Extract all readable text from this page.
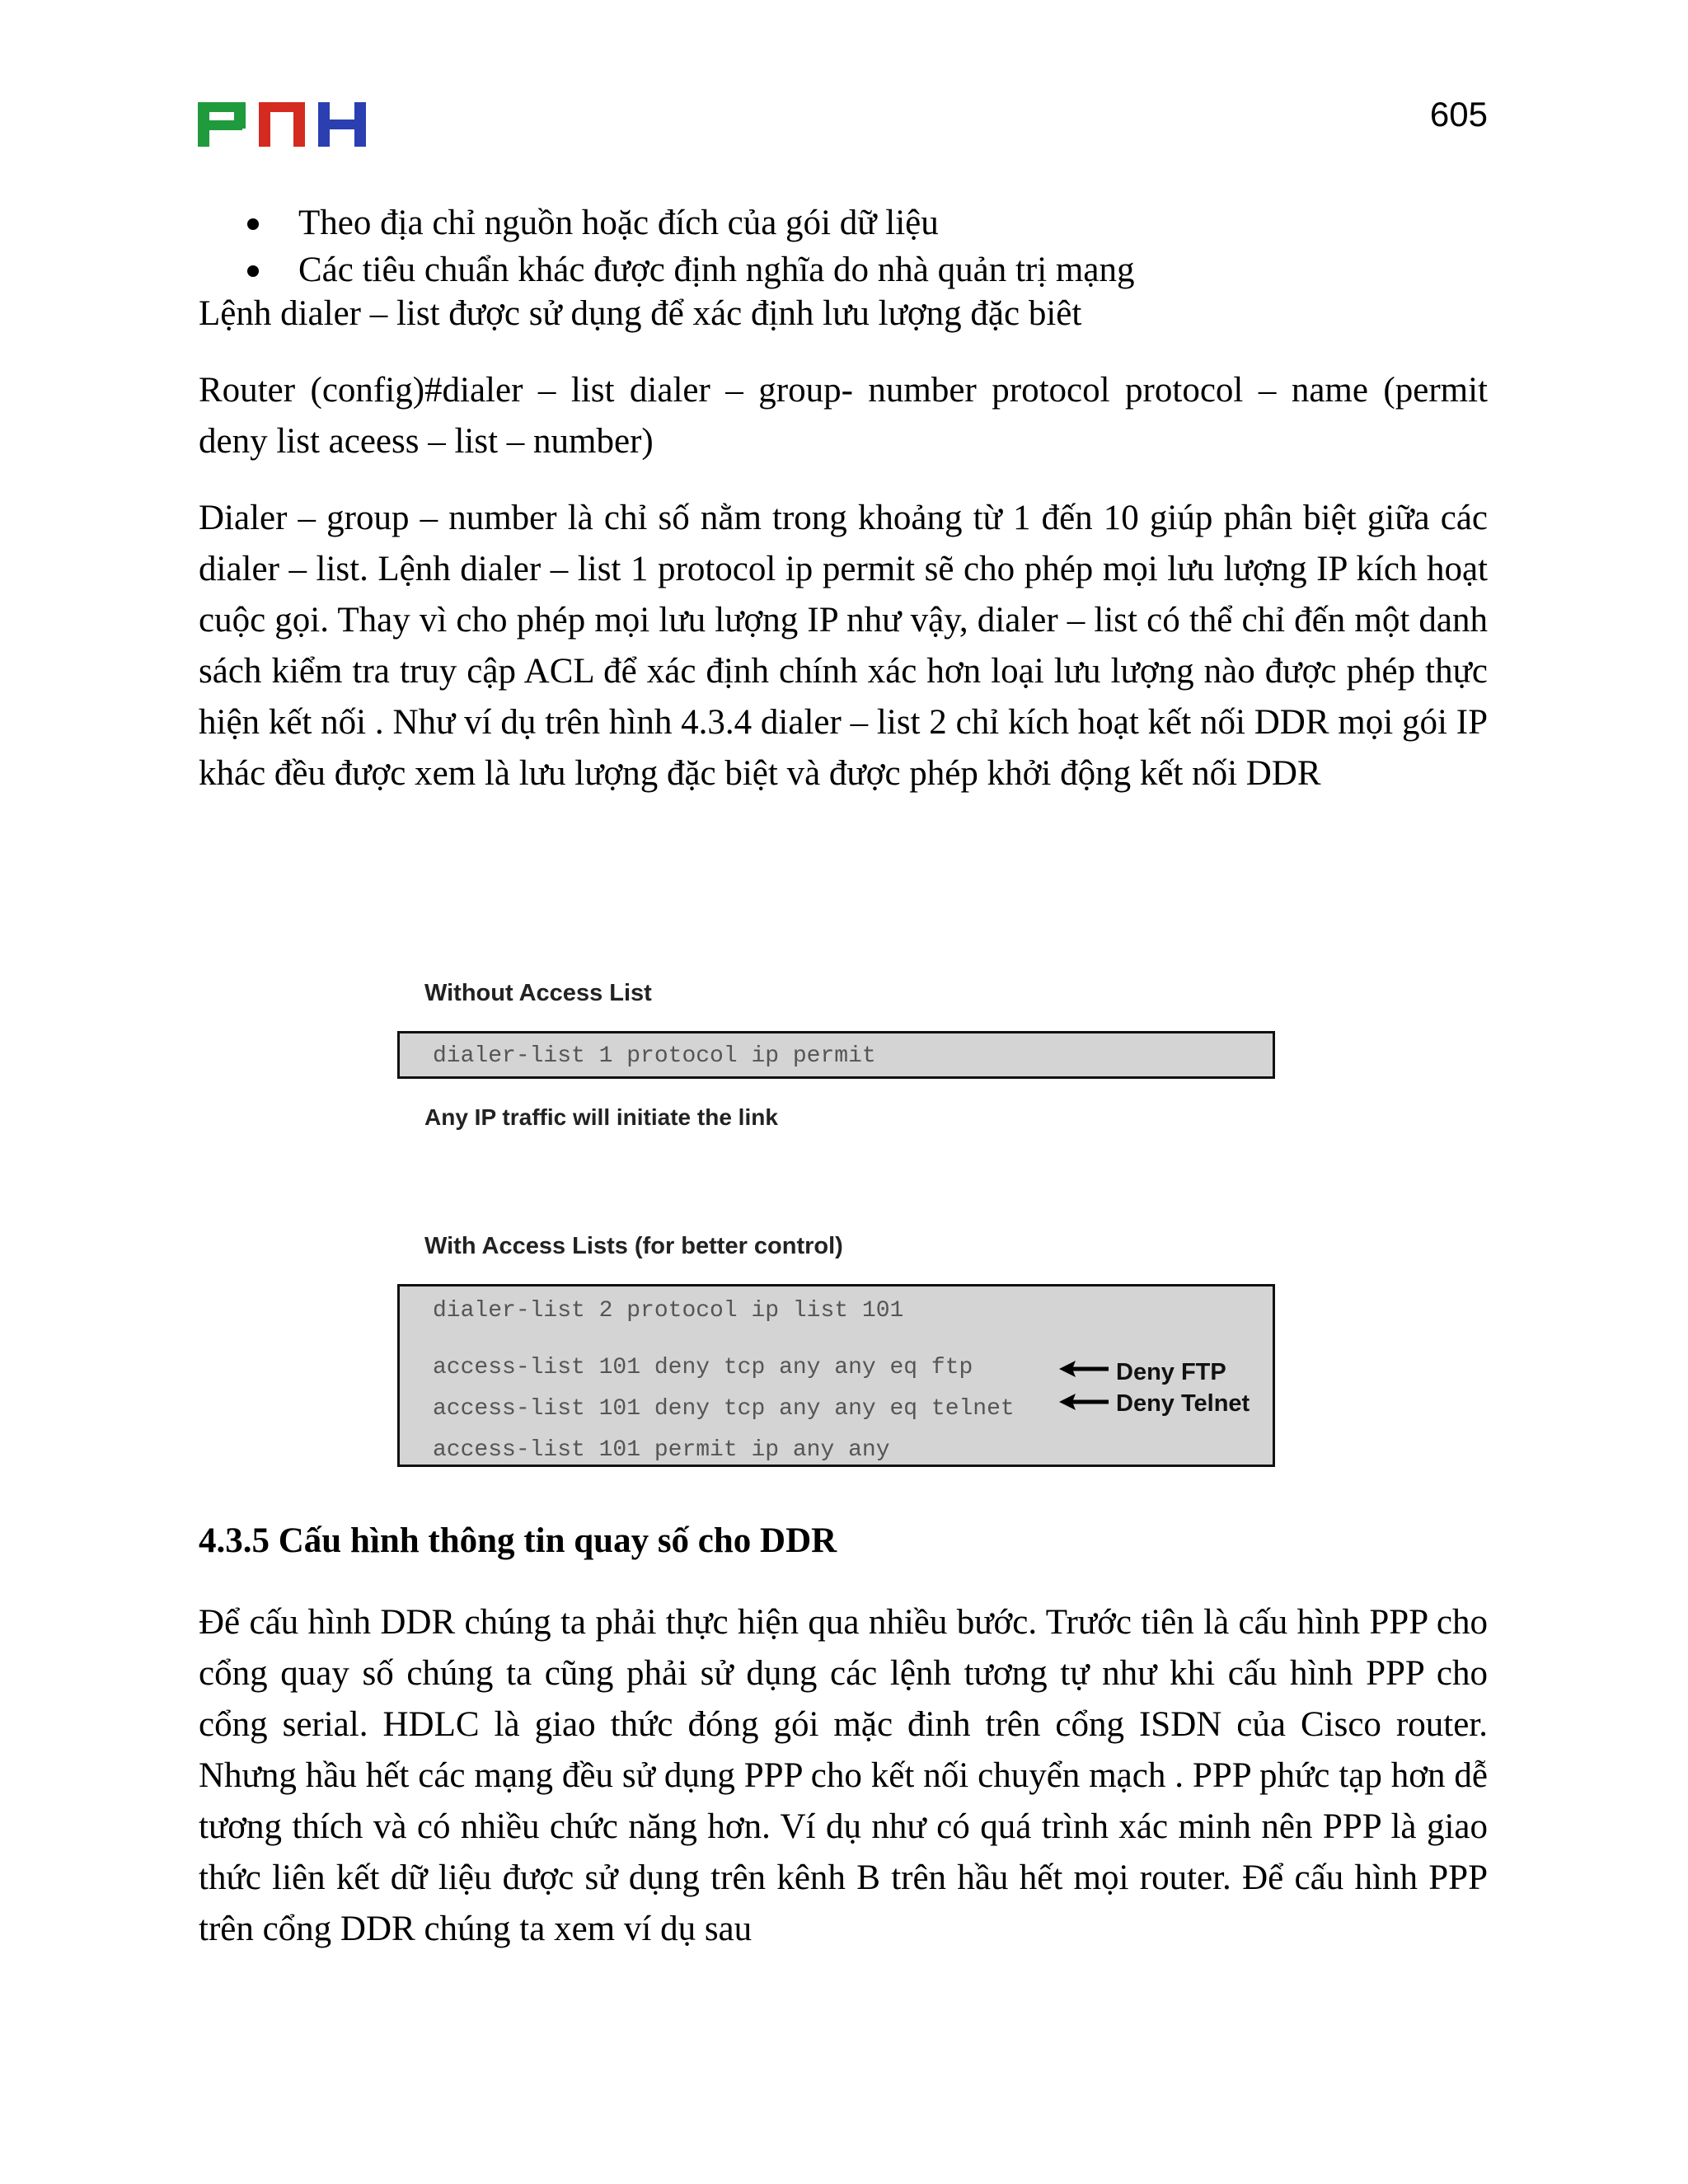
605
Theo địa chỉ nguồn hoặc đích của gói dữ liệu
Các tiêu chuẩn khác được định nghĩa do nhà quản trị mạng
Lệnh dialer – list được sử dụng để xác định lưu lượng đặc biêt
Router (config)#dialer – list dialer – group- number protocol protocol – name (permit deny list aceess – list – number)
Dialer – group – number là chỉ số nằm trong khoảng từ 1 đến 10 giúp phân biệt giữa các dialer – list. Lệnh dialer – list 1 protocol ip permit sẽ cho phép mọi lưu lượng IP kích hoạt cuộc gọi. Thay vì cho phép mọi lưu lượng IP như vậy, dialer – list có thể chỉ đến một danh sách kiểm tra truy cập ACL để xác định chính xác hơn loại lưu lượng nào được phép thực hiện kết nối . Như ví dụ trên hình 4.3.4 dialer – list 2 chỉ kích hoạt kết nối DDR mọi gói IP khác đều được xem là lưu lượng đặc biệt và được phép khởi động kết nối DDR
Without Access List
dialer-list 1 protocol ip permit
Any IP traffic will initiate the link
With Access Lists (for better control)
dialer-list 2 protocol ip list 101
access-list 101 deny tcp any any eq ftp
access-list 101 deny tcp any any eq telnet
access-list 101 permit ip any any
Deny FTP
Deny Telnet
4.3.5 Cấu hình thông tin quay số cho DDR
Để cấu hình DDR chúng ta phải thực hiện qua nhiều bước. Trước tiên là cấu hình PPP cho cổng quay số chúng ta cũng phải sử dụng các lệnh tương tự như khi cấu hình PPP cho cổng serial. HDLC là giao thức đóng gói mặc đinh trên cổng ISDN của Cisco router. Nhưng hầu hết các mạng đều sử dụng PPP cho kết nối chuyển mạch . PPP phức tạp hơn dễ tương thích và có nhiều chức năng hơn. Ví dụ như có quá trình xác minh nên PPP là giao thức liên kết dữ liệu được sử dụng trên kênh B trên hầu hết mọi router. Để cấu hình PPP trên cổng DDR chúng ta xem ví dụ sau
